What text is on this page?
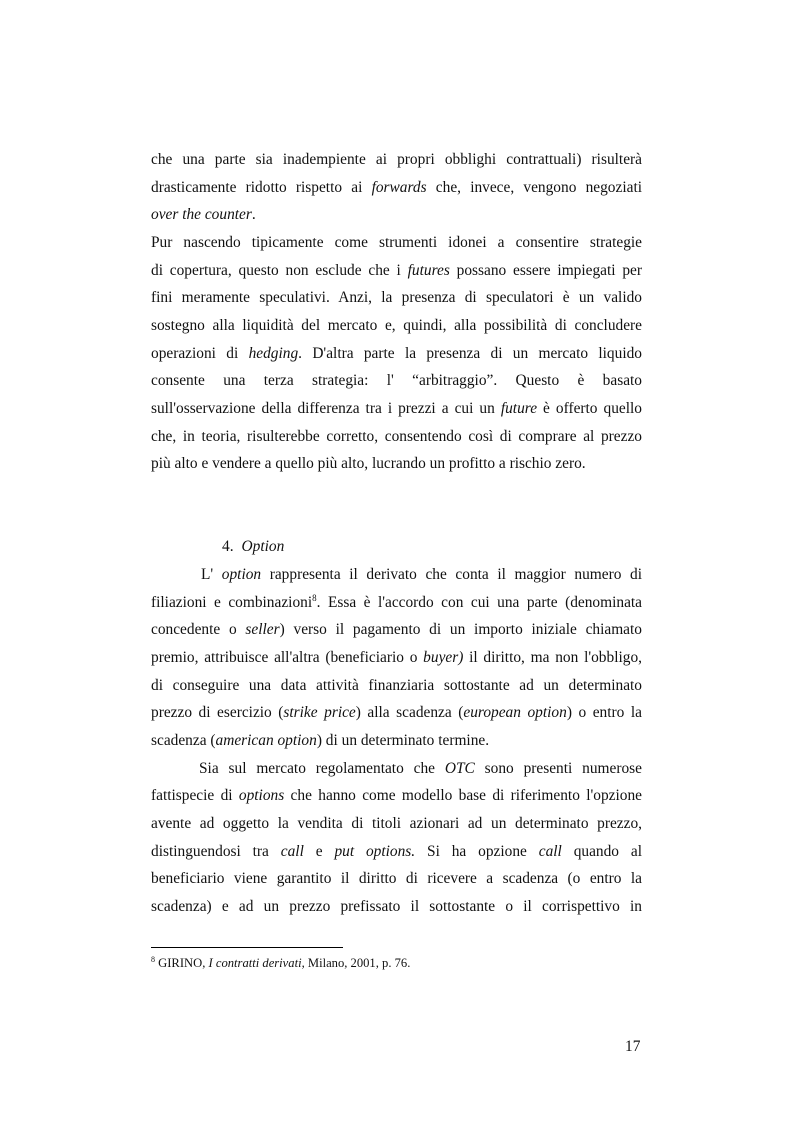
che una parte sia inadempiente ai propri obblighi contrattuali) risulterà
drasticamente ridotto rispetto ai forwards che, invece, vengono negoziati
over the counter.
Pur nascendo tipicamente come strumenti idonei a consentire strategie
di copertura, questo non esclude che i futures possano essere impiegati per
fini meramente speculativi. Anzi, la presenza di speculatori è un valido
sostegno alla liquidità del mercato e, quindi, alla possibilità di concludere
operazioni di hedging. D'altra parte la presenza di un mercato liquido
consente una terza strategia: l' “arbitraggio”. Questo è basato
sull'osservazione della differenza tra i prezzi a cui un future è offerto quello
che, in teoria, risulterebbe corretto, consentendo così di comprare al prezzo
più alto e vendere a quello più alto, lucrando un profitto a rischio zero.
4. Option
L' option rappresenta il derivato che conta il maggior numero di
filiazioni e combinazioni$^8$. Essa è l'accordo con cui una parte (denominata
concedente o seller) verso il pagamento di un importo iniziale chiamato
premio, attribuisce all'altra (beneficiario o buyer) il diritto, ma non l'obbligo,
di conseguire una data attività finanziaria sottostante ad un determinato
prezzo di esercizio (strike price) alla scadenza (european option) o entro la
scadenza (american option) di un determinato termine.
Sia sul mercato regolamentato che OTC sono presenti numerose
fattispecie di options che hanno come modello base di riferimento l'opzione
avente ad oggetto la vendita di titoli azionari ad un determinato prezzo,
distinguendosi tra call e put options. Si ha opzione call quando al
beneficiario viene garantito il diritto di ricevere a scadenza (o entro la
scadenza) e ad un prezzo prefissato il sottostante o il corrispettivo in
$^8$ GIRINO, I contratti derivati, Milano, 2001, p. 76.
17
